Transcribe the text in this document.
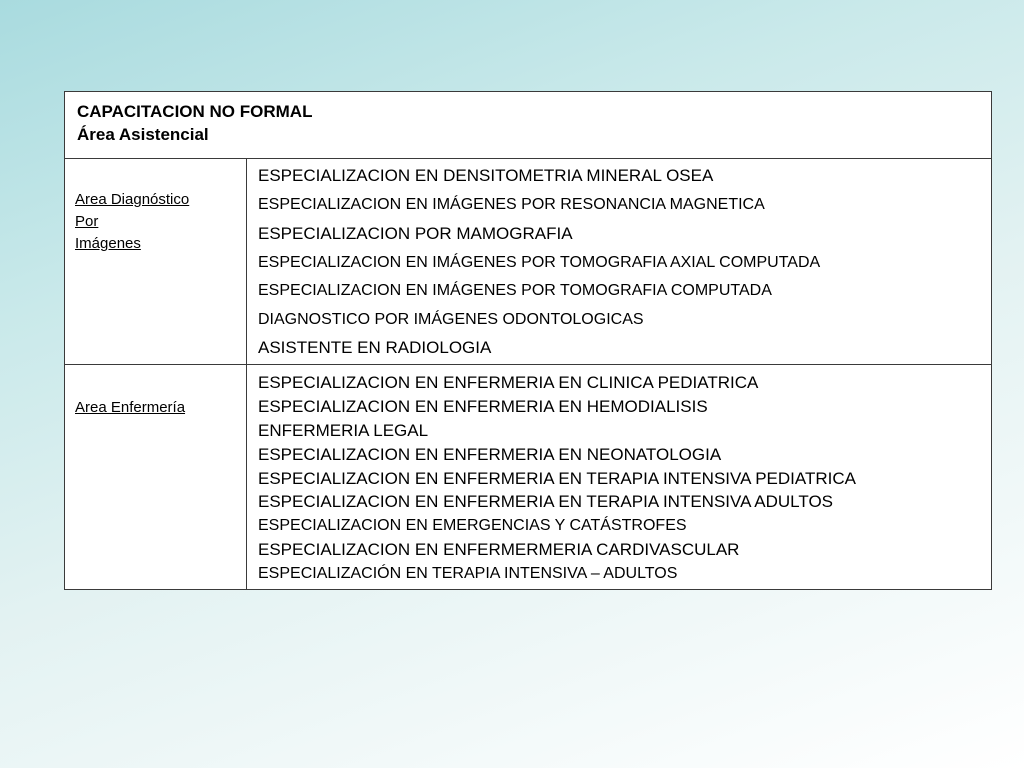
CAPACITACION NO FORMAL
Área Asistencial
Area Diagnóstico
Por
Imágenes
ESPECIALIZACION EN DENSITOMETRIA MINERAL OSEA
ESPECIALIZACION EN IMÁGENES POR RESONANCIA MAGNETICA
ESPECIALIZACION POR MAMOGRAFIA
ESPECIALIZACION EN IMÁGENES POR TOMOGRAFIA AXIAL COMPUTADA
ESPECIALIZACION EN IMÁGENES POR TOMOGRAFIA COMPUTADA
DIAGNOSTICO POR IMÁGENES ODONTOLOGICAS
ASISTENTE EN RADIOLOGIA
Area Enfermería
ESPECIALIZACION EN ENFERMERIA EN CLINICA PEDIATRICA
ESPECIALIZACION EN ENFERMERIA EN HEMODIALISIS
ENFERMERIA LEGAL
ESPECIALIZACION EN ENFERMERIA EN NEONATOLOGIA
ESPECIALIZACION EN ENFERMERIA EN TERAPIA INTENSIVA PEDIATRICA
ESPECIALIZACION EN ENFERMERIA EN TERAPIA INTENSIVA ADULTOS
ESPECIALIZACION EN EMERGENCIAS Y CATÁSTROFES
ESPECIALIZACION EN ENFERMERMERIA CARDIVASCULAR
ESPECIALIZACIÓN EN TERAPIA INTENSIVA – ADULTOS
